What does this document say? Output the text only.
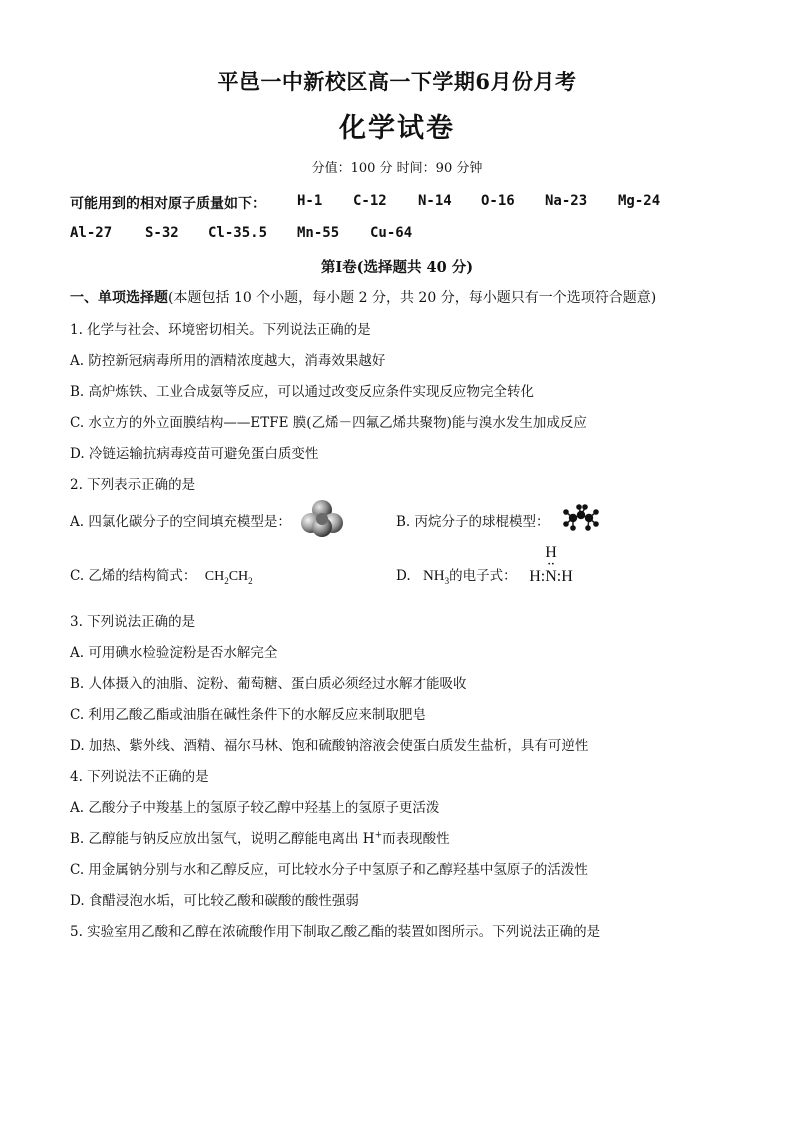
平邑一中新校区高一下学期6月份月考
化学试卷
分值：100 分 时间：90 分钟
可能用到的相对原子质量如下： H-1 C-12 N-14 O-16 Na-23 Mg-24
Al-27 S-32 Cl-35.5 Mn-55 Cu-64
第Ⅰ卷(选择题共 40 分)
一、单项选择题(本题包括 10 个小题，每小题 2 分，共 20 分，每小题只有一个选项符合题意)
1. 化学与社会、环境密切相关。下列说法正确的是
A. 防控新冠病毒所用的酒精浓度越大，消毒效果越好
B. 高炉炼铁、工业合成氨等反应，可以通过改变反应条件实现反应物完全转化
C. 水立方的外立面膜结构——ETFE 膜(乙烯－四氟乙烯共聚物)能与溴水发生加成反应
D. 冷链运输抗病毒疫苗可避免蛋白质变性
2. 下列表示正确的是
A. 四氯化碳分子的空间填充模型是：	B. 丙烷分子的球棍模型：
C. 乙烯的结构简式： $CH_2CH_2$	D. $NH_3$的电子式：
H
··
H:N:H
3. 下列说法正确的是
A. 可用碘水检验淀粉是否水解完全
B. 人体摄入的油脂、淀粉、葡萄糖、蛋白质必须经过水解才能吸收
C. 利用乙酸乙酯或油脂在碱性条件下的水解反应来制取肥皂
D. 加热、紫外线、酒精、福尔马林、饱和硫酸钠溶液会使蛋白质发生盐析，具有可逆性
4. 下列说法不正确的是
A. 乙酸分子中羧基上的氢原子较乙醇中羟基上的氢原子更活泼
B. 乙醇能与钠反应放出氢气，说明乙醇能电离出 H+而表现酸性
C. 用金属钠分别与水和乙醇反应，可比较水分子中氢原子和乙醇羟基中氢原子的活泼性
D. 食醋浸泡水垢，可比较乙酸和碳酸的酸性强弱
5. 实验室用乙酸和乙醇在浓硫酸作用下制取乙酸乙酯的装置如图所示。下列说法正确的是
